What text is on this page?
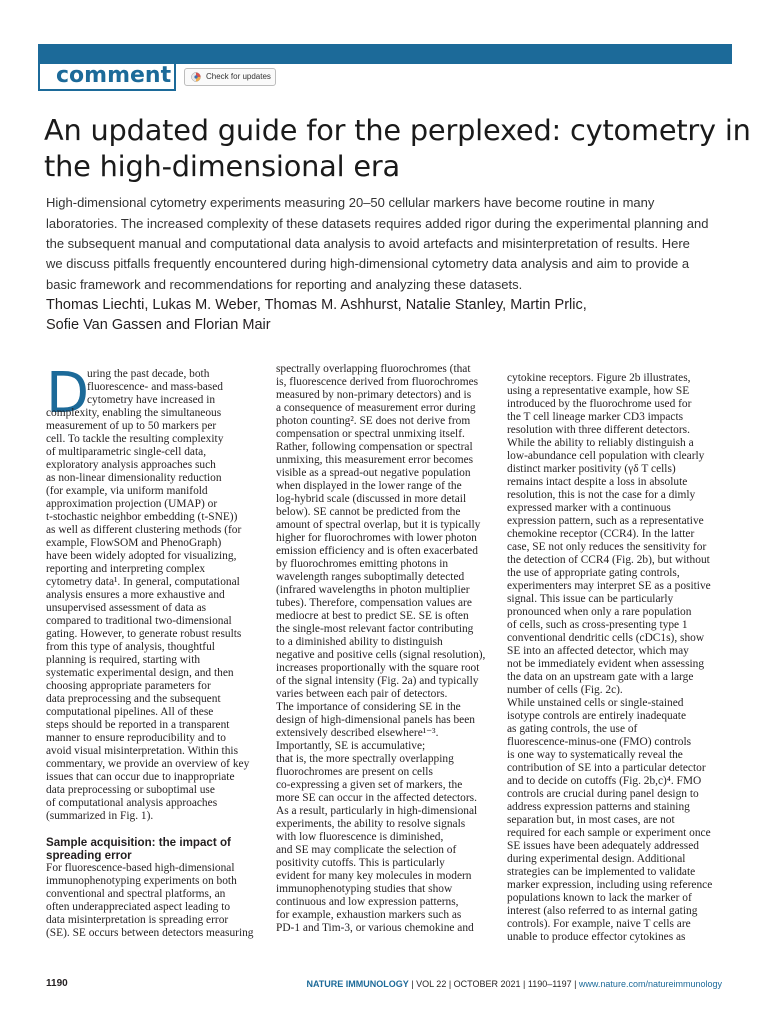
comment	Check for updates
An updated guide for the perplexed: cytometry in
the high-dimensional era
High-dimensional cytometry experiments measuring 20–50 cellular markers have become routine in many
laboratories. The increased complexity of these datasets requires added rigor during the experimental planning and
the subsequent manual and computational data analysis to avoid artefacts and misinterpretation of results. Here
we discuss pitfalls frequently encountered during high-dimensional cytometry data analysis and aim to provide a
basic framework and recommendations for reporting and analyzing these datasets.
Thomas Liechti, Lukas M. Weber, Thomas M. Ashhurst, Natalie Stanley, Martin Prlic,
Sofie Van Gassen and Florian Mair
D
uring the past decade, both
fluorescence- and mass-based
cytometry have increased in
complexity, enabling the simultaneous
measurement of up to 50 markers per
cell. To tackle the resulting complexity
of multiparametric single-cell data,
exploratory analysis approaches such
as non-linear dimensionality reduction
(for example, via uniform manifold
approximation projection (UMAP) or
t-stochastic neighbor embedding (t-SNE))
as well as different clustering methods (for
example, FlowSOM and PhenoGraph)
have been widely adopted for visualizing,
reporting and interpreting complex
cytometry data¹. In general, computational
analysis ensures a more exhaustive and
unsupervised assessment of data as
compared to traditional two-dimensional
gating. However, to generate robust results
from this type of analysis, thoughtful
planning is required, starting with
systematic experimental design, and then
choosing appropriate parameters for
data preprocessing and the subsequent
computational pipelines. All of these
steps should be reported in a transparent
manner to ensure reproducibility and to
avoid visual misinterpretation. Within this
commentary, we provide an overview of key
issues that can occur due to inappropriate
data preprocessing or suboptimal use
of computational analysis approaches
(summarized in Fig. 1).
Sample acquisition: the impact of
spreading error
For fluorescence-based high-dimensional
immunophenotyping experiments on both
conventional and spectral platforms, an
often underappreciated aspect leading to
data misinterpretation is spreading error
(SE). SE occurs between detectors measuring
spectrally overlapping fluorochromes (that
is, fluorescence derived from fluorochromes
measured by non-primary detectors) and is
a consequence of measurement error during
photon counting². SE does not derive from
compensation or spectral unmixing itself.
Rather, following compensation or spectral
unmixing, this measurement error becomes
visible as a spread-out negative population
when displayed in the lower range of the
log-hybrid scale (discussed in more detail
below). SE cannot be predicted from the
amount of spectral overlap, but it is typically
higher for fluorochromes with lower photon
emission efficiency and is often exacerbated
by fluorochromes emitting photons in
wavelength ranges suboptimally detected
(infrared wavelengths in photon multiplier
tubes). Therefore, compensation values are
mediocre at best to predict SE. SE is often
the single-most relevant factor contributing
to a diminished ability to distinguish
negative and positive cells (signal resolution),
increases proportionally with the square root
of the signal intensity (Fig. 2a) and typically
varies between each pair of detectors.
The importance of considering SE in the
design of high-dimensional panels has been
extensively described elsewhere¹⁻³.
Importantly, SE is accumulative;
that is, the more spectrally overlapping
fluorochromes are present on cells
co-expressing a given set of markers, the
more SE can occur in the affected detectors.
As a result, particularly in high-dimensional
experiments, the ability to resolve signals
with low fluorescence is diminished,
and SE may complicate the selection of
positivity cutoffs. This is particularly
evident for many key molecules in modern
immunophenotyping studies that show
continuous and low expression patterns,
for example, exhaustion markers such as
PD-1 and Tim-3, or various chemokine and
cytokine receptors. Figure 2b illustrates,
using a representative example, how SE
introduced by the fluorochrome used for
the T cell lineage marker CD3 impacts
resolution with three different detectors.
While the ability to reliably distinguish a
low-abundance cell population with clearly
distinct marker positivity (γδ T cells)
remains intact despite a loss in absolute
resolution, this is not the case for a dimly
expressed marker with a continuous
expression pattern, such as a representative
chemokine receptor (CCR4). In the latter
case, SE not only reduces the sensitivity for
the detection of CCR4 (Fig. 2b), but without
the use of appropriate gating controls,
experimenters may interpret SE as a positive
signal. This issue can be particularly
pronounced when only a rare population
of cells, such as cross-presenting type 1
conventional dendritic cells (cDC1s), show
SE into an affected detector, which may
not be immediately evident when assessing
the data on an upstream gate with a large
number of cells (Fig. 2c).
While unstained cells or single-stained
isotype controls are entirely inadequate
as gating controls, the use of
fluorescence-minus-one (FMO) controls
is one way to systematically reveal the
contribution of SE into a particular detector
and to decide on cutoffs (Fig. 2b,c)⁴. FMO
controls are crucial during panel design to
address expression patterns and staining
separation but, in most cases, are not
required for each sample or experiment once
SE issues have been adequately addressed
during experimental design. Additional
strategies can be implemented to validate
marker expression, including using reference
populations known to lack the marker of
interest (also referred to as internal gating
controls). For example, naive T cells are
unable to produce effector cytokines as
1190	NATURE IMMUNOLOGY | VOL 22 | OCTOBER 2021 | 1190–1197 | www.nature.com/natureimmunology
